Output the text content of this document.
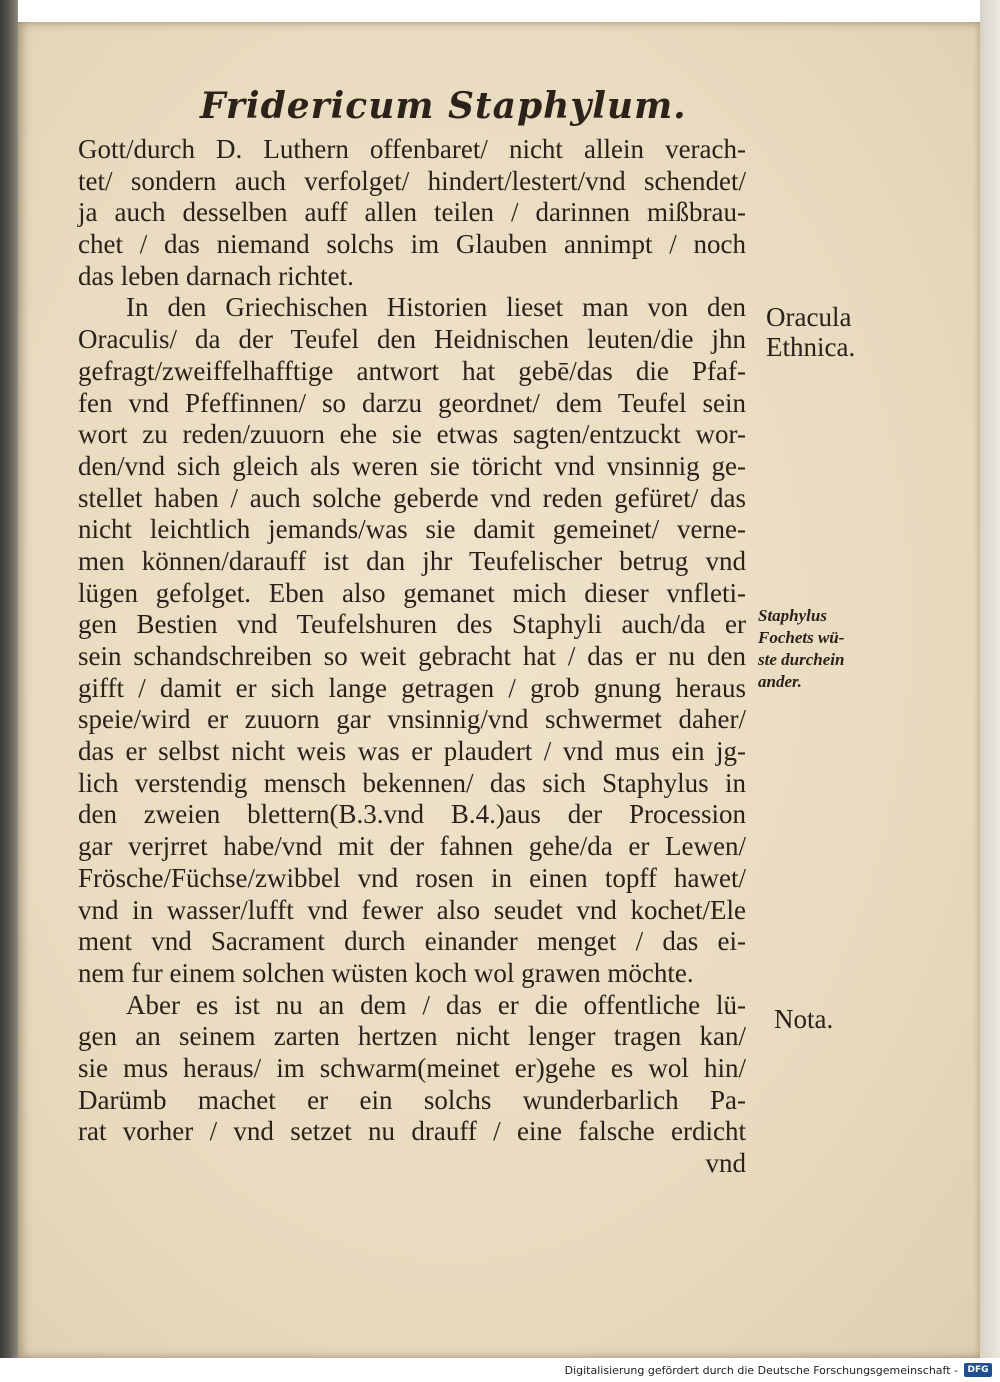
Fridericum Staphylum.
Gott/durch D. Luthern offenbaret/ nicht allein verach-
tet/ sondern auch verfolget/ hindert/lestert/vnd schendet/
ja auch desselben auff allen teilen / darinnen mißbrau-
chet / das niemand solchs im Glauben annimpt / noch
das leben darnach richtet.
In den Griechischen Historien lieset man von den
Oraculis/ da der Teufel den Heidnischen leuten/die jhn
gefragt/zweiffelhafftige antwort hat gebē/das die Pfaf-
fen vnd Pfeffinnen/ so darzu geordnet/ dem Teufel sein
wort zu reden/zuuorn ehe sie etwas sagten/entzuckt wor-
den/vnd sich gleich als weren sie töricht vnd vnsinnig ge-
stellet haben / auch solche geberde vnd reden gefüret/ das
nicht leichtlich jemands/was sie damit gemeinet/ verne-
men können/darauff ist dan jhr Teufelischer betrug vnd
lügen gefolget. Eben also gemanet mich dieser vnfleti-
gen Bestien vnd Teufelshuren des Staphyli auch/da er
sein schandschreiben so weit gebracht hat / das er nu den
gifft / damit er sich lange getragen / grob gnung heraus
speie/wird er zuuorn gar vnsinnig/vnd schwermet daher/
das er selbst nicht weis was er plaudert / vnd mus ein jg-
lich verstendig mensch bekennen/ das sich Staphylus in
den zweien blettern(B.3.vnd B.4.)aus der Procession
gar verjrret habe/vnd mit der fahnen gehe/da er Lewen/
Frösche/Füchse/zwibbel vnd rosen in einen topff hawet/
vnd in wasser/lufft vnd fewer also seudet vnd kochet/Ele
ment vnd Sacrament durch einander menget / das ei-
nem fur einem solchen wüsten koch wol grawen möchte.
Aber es ist nu an dem / das er die offentliche lü-
gen an seinem zarten hertzen nicht lenger tragen kan/
sie mus heraus/ im schwarm(meinet er)gehe es wol hin/
Darümb machet er ein solchs wunderbarlich Pa-
rat vorher / vnd setzet nu drauff / eine falsche erdicht
vnd
Oracula
Ethnica.
Staphylus
Fochets wü-
ste durchein
ander.
Nota.
Digitalisierung gefördert durch die Deutsche Forschungsgemeinschaft -	DFG
